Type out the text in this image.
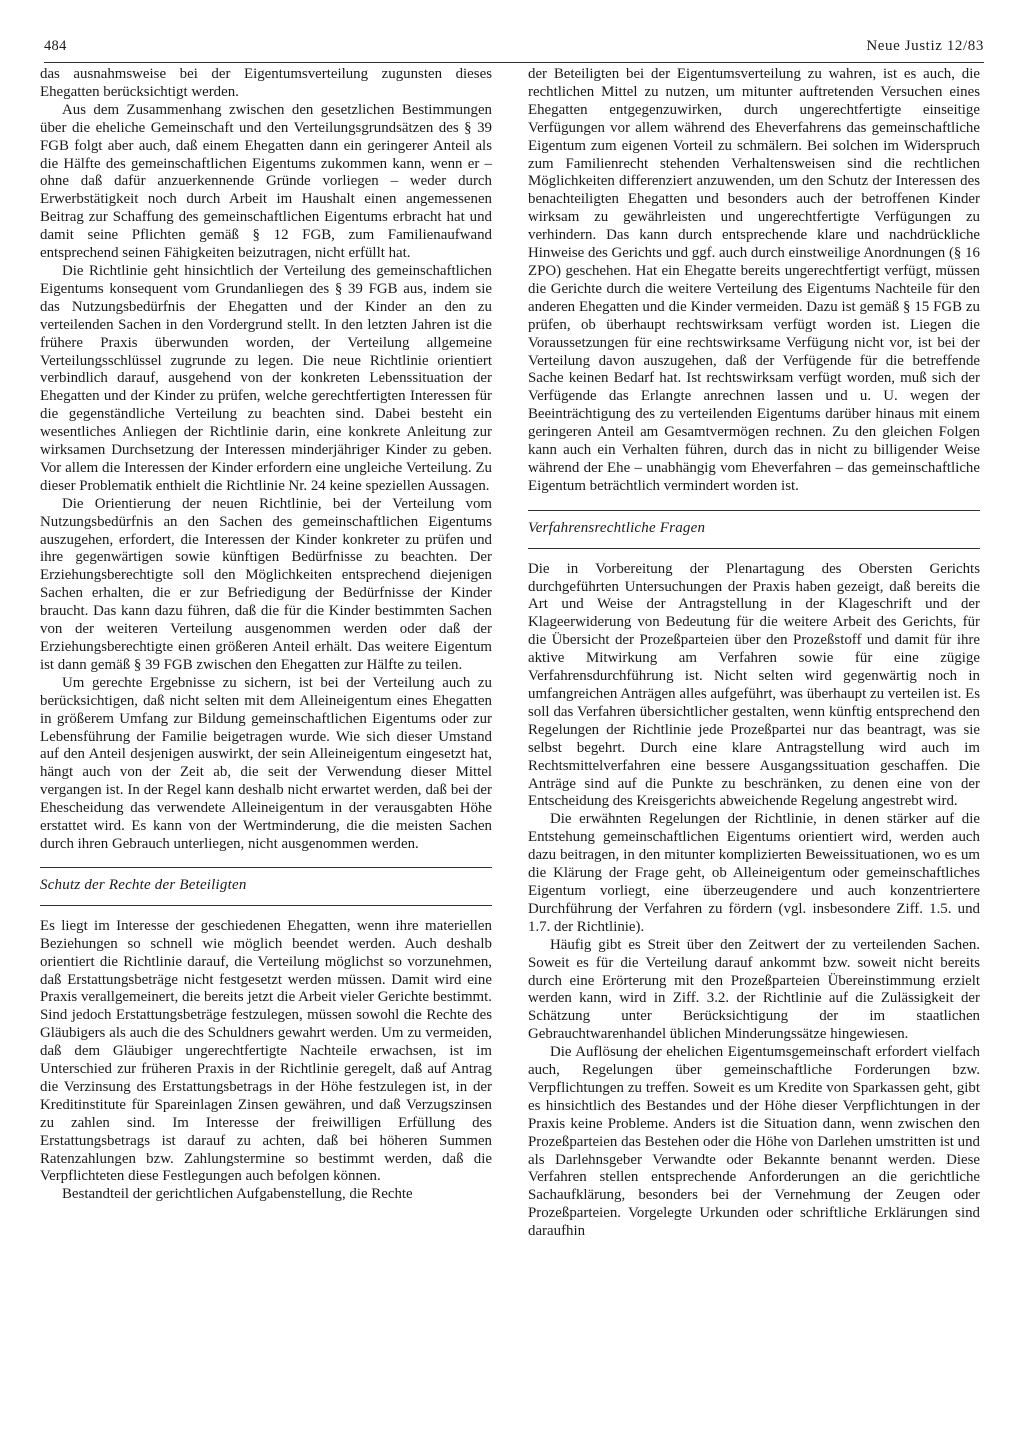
484	Neue Justiz 12/83

das ausnahmsweise bei der Eigentumsverteilung zugunsten dieses Ehegatten berücksichtigt werden.

Aus dem Zusammenhang zwischen den gesetzlichen Bestimmungen über die eheliche Gemeinschaft und den Verteilungsgrundsätzen des § 39 FGB folgt aber auch, daß einem Ehegatten dann ein geringerer Anteil als die Hälfte des gemeinschaftlichen Eigentums zukommen kann, wenn er – ohne daß dafür anzuerkennende Gründe vorliegen – weder durch Erwerbstätigkeit noch durch Arbeit im Haushalt einen angemessenen Beitrag zur Schaffung des gemeinschaftlichen Eigentums erbracht hat und damit seine Pflichten gemäß § 12 FGB, zum Familienaufwand entsprechend seinen Fähigkeiten beizutragen, nicht erfüllt hat.

Die Richtlinie geht hinsichtlich der Verteilung des gemeinschaftlichen Eigentums konsequent vom Grundanliegen des § 39 FGB aus, indem sie das Nutzungsbedürfnis der Ehegatten und der Kinder an den zu verteilenden Sachen in den Vordergrund stellt. In den letzten Jahren ist die frühere Praxis überwunden worden, der Verteilung allgemeine Verteilungsschlüssel zugrunde zu legen. Die neue Richtlinie orientiert verbindlich darauf, ausgehend von der konkreten Lebenssituation der Ehegatten und der Kinder zu prüfen, welche gerechtfertigten Interessen für die gegenständliche Verteilung zu beachten sind. Dabei besteht ein wesentliches Anliegen der Richtlinie darin, eine konkrete Anleitung zur wirksamen Durchsetzung der Interessen minderjähriger Kinder zu geben. Vor allem die Interessen der Kinder erfordern eine ungleiche Verteilung. Zu dieser Problematik enthielt die Richtlinie Nr. 24 keine speziellen Aussagen.

Die Orientierung der neuen Richtlinie, bei der Verteilung vom Nutzungsbedürfnis an den Sachen des gemeinschaftlichen Eigentums auszugehen, erfordert, die Interessen der Kinder konkreter zu prüfen und ihre gegenwärtigen sowie künftigen Bedürfnisse zu beachten. Der Erziehungsberechtigte soll den Möglichkeiten entsprechend diejenigen Sachen erhalten, die er zur Befriedigung der Bedürfnisse der Kinder braucht. Das kann dazu führen, daß die für die Kinder bestimmten Sachen von der weiteren Verteilung ausgenommen werden oder daß der Erziehungsberechtigte einen größeren Anteil erhält. Das weitere Eigentum ist dann gemäß § 39 FGB zwischen den Ehegatten zur Hälfte zu teilen.

Um gerechte Ergebnisse zu sichern, ist bei der Verteilung auch zu berücksichtigen, daß nicht selten mit dem Alleineigentum eines Ehegatten in größerem Umfang zur Bildung gemeinschaftlichen Eigentums oder zur Lebensführung der Familie beigetragen wurde. Wie sich dieser Umstand auf den Anteil desjenigen auswirkt, der sein Alleineigentum eingesetzt hat, hängt auch von der Zeit ab, die seit der Verwendung dieser Mittel vergangen ist. In der Regel kann deshalb nicht erwartet werden, daß bei der Ehescheidung das verwendete Alleineigentum in der verausgabten Höhe erstattet wird. Es kann von der Wertminderung, die die meisten Sachen durch ihren Gebrauch unterliegen, nicht ausgenommen werden.

Schutz der Rechte der Beteiligten

Es liegt im Interesse der geschiedenen Ehegatten, wenn ihre materiellen Beziehungen so schnell wie möglich beendet werden. Auch deshalb orientiert die Richtlinie darauf, die Verteilung möglichst so vorzunehmen, daß Erstattungsbeträge nicht festgesetzt werden müssen. Damit wird eine Praxis verallgemeinert, die bereits jetzt die Arbeit vieler Gerichte bestimmt. Sind jedoch Erstattungsbeträge festzulegen, müssen sowohl die Rechte des Gläubigers als auch die des Schuldners gewahrt werden. Um zu vermeiden, daß dem Gläubiger ungerechtfertigte Nachteile erwachsen, ist im Unterschied zur früheren Praxis in der Richtlinie geregelt, daß auf Antrag die Verzinsung des Erstattungsbetrags in der Höhe festzulegen ist, in der Kreditinstitute für Spareinlagen Zinsen gewähren, und daß Verzugszinsen zu zahlen sind. Im Interesse der freiwilligen Erfüllung des Erstattungsbetrags ist darauf zu achten, daß bei höheren Summen Ratenzahlungen bzw. Zahlungstermine so bestimmt werden, daß die Verpflichteten diese Festlegungen auch befolgen können.

Bestandteil der gerichtlichen Aufgabenstellung, die Rechte

der Beteiligten bei der Eigentumsverteilung zu wahren, ist es auch, die rechtlichen Mittel zu nutzen, um mitunter auftretenden Versuchen eines Ehegatten entgegenzuwirken, durch ungerechtfertigte einseitige Verfügungen vor allem während des Eheverfahrens das gemeinschaftliche Eigentum zum eigenen Vorteil zu schmälern. Bei solchen im Widerspruch zum Familienrecht stehenden Verhaltensweisen sind die rechtlichen Möglichkeiten differenziert anzuwenden, um den Schutz der Interessen des benachteiligten Ehegatten und besonders auch der betroffenen Kinder wirksam zu gewährleisten und ungerechtfertigte Verfügungen zu verhindern. Das kann durch entsprechende klare und nachdrückliche Hinweise des Gerichts und ggf. auch durch einstweilige Anordnungen (§ 16 ZPO) geschehen. Hat ein Ehegatte bereits ungerechtfertigt verfügt, müssen die Gerichte durch die weitere Verteilung des Eigentums Nachteile für den anderen Ehegatten und die Kinder vermeiden. Dazu ist gemäß § 15 FGB zu prüfen, ob überhaupt rechtswirksam verfügt worden ist. Liegen die Voraussetzungen für eine rechtswirksame Verfügung nicht vor, ist bei der Verteilung davon auszugehen, daß der Verfügende für die betreffende Sache keinen Bedarf hat. Ist rechtswirksam verfügt worden, muß sich der Verfügende das Erlangte anrechnen lassen und u. U. wegen der Beeinträchtigung des zu verteilenden Eigentums darüber hinaus mit einem geringeren Anteil am Gesamtvermögen rechnen. Zu den gleichen Folgen kann auch ein Verhalten führen, durch das in nicht zu billigender Weise während der Ehe – unabhängig vom Eheverfahren – das gemeinschaftliche Eigentum beträchtlich vermindert worden ist.

Verfahrensrechtliche Fragen

Die in Vorbereitung der Plenartagung des Obersten Gerichts durchgeführten Untersuchungen der Praxis haben gezeigt, daß bereits die Art und Weise der Antragstellung in der Klageschrift und der Klageerwiderung von Bedeutung für die weitere Arbeit des Gerichts, für die Übersicht der Prozeßparteien über den Prozeßstoff und damit für ihre aktive Mitwirkung am Verfahren sowie für eine zügige Verfahrensdurchführung ist. Nicht selten wird gegenwärtig noch in umfangreichen Anträgen alles aufgeführt, was überhaupt zu verteilen ist. Es soll das Verfahren übersichtlicher gestalten, wenn künftig entsprechend den Regelungen der Richtlinie jede Prozeßpartei nur das beantragt, was sie selbst begehrt. Durch eine klare Antragstellung wird auch im Rechtsmittelverfahren eine bessere Ausgangssituation geschaffen. Die Anträge sind auf die Punkte zu beschränken, zu denen eine von der Entscheidung des Kreisgerichts abweichende Regelung angestrebt wird.

Die erwähnten Regelungen der Richtlinie, in denen stärker auf die Entstehung gemeinschaftlichen Eigentums orientiert wird, werden auch dazu beitragen, in den mitunter komplizierten Beweissituationen, wo es um die Klärung der Frage geht, ob Alleineigentum oder gemeinschaftliches Eigentum vorliegt, eine überzeugendere und auch konzentriertere Durchführung der Verfahren zu fördern (vgl. insbesondere Ziff. 1.5. und 1.7. der Richtlinie).

Häufig gibt es Streit über den Zeitwert der zu verteilenden Sachen. Soweit es für die Verteilung darauf ankommt bzw. soweit nicht bereits durch eine Erörterung mit den Prozeßparteien Übereinstimmung erzielt werden kann, wird in Ziff. 3.2. der Richtlinie auf die Zulässigkeit der Schätzung unter Berücksichtigung der im staatlichen Gebrauchtwarenhandel üblichen Minderungssätze hingewiesen.

Die Auflösung der ehelichen Eigentumsgemeinschaft erfordert vielfach auch, Regelungen über gemeinschaftliche Forderungen bzw. Verpflichtungen zu treffen. Soweit es um Kredite von Sparkassen geht, gibt es hinsichtlich des Bestandes und der Höhe dieser Verpflichtungen in der Praxis keine Probleme. Anders ist die Situation dann, wenn zwischen den Prozeßparteien das Bestehen oder die Höhe von Darlehen umstritten ist und als Darlehnsgeber Verwandte oder Bekannte benannt werden. Diese Verfahren stellen entsprechende Anforderungen an die gerichtliche Sachaufklärung, besonders bei der Vernehmung der Zeugen oder Prozeßparteien. Vorgelegte Urkunden oder schriftliche Erklärungen sind daraufhin
